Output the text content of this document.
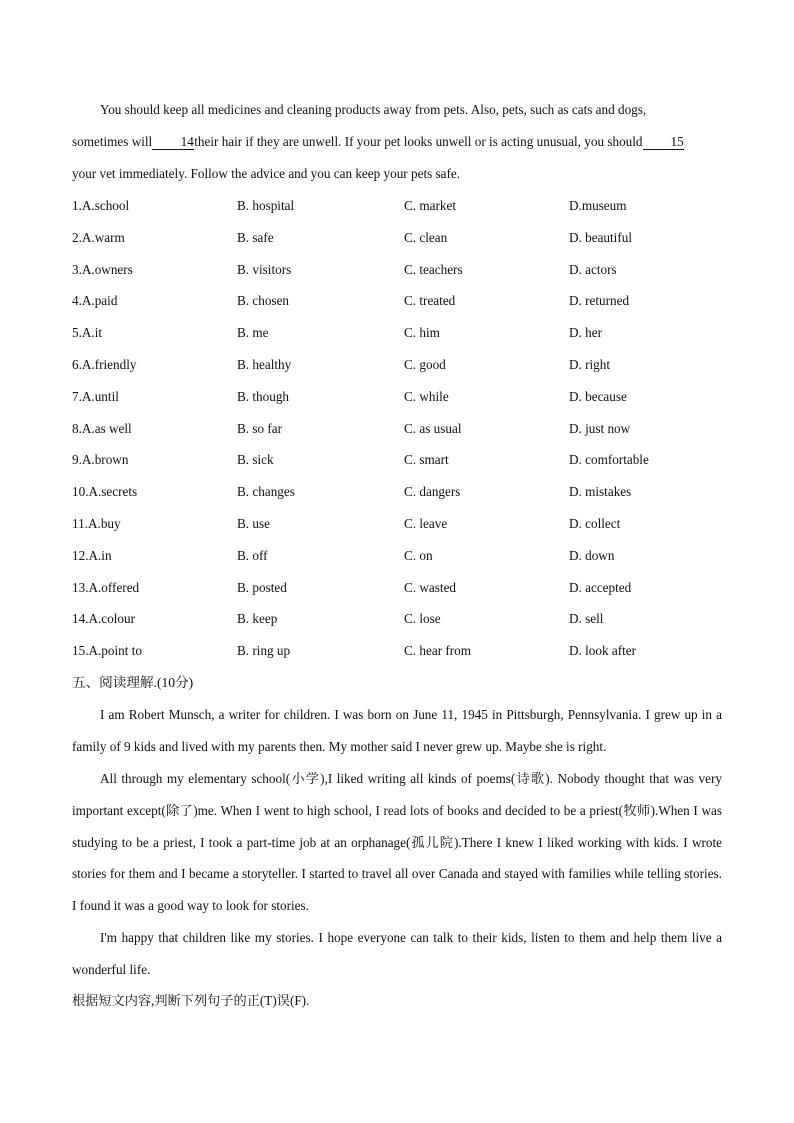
You should keep all medicines and cleaning products away from pets. Also, pets, such as cats and dogs,
sometimes will 14their hair if they are unwell. If your pet looks unwell or is acting unusual, you should 15
your vet immediately. Follow the advice and you can keep your pets safe.

1.A.school	B. hospital	C. market	D.museum
2.A.warm	B. safe	C. clean	D. beautiful
3.A.owners	B. visitors	C. teachers	D. actors
4.A.paid	B. chosen	C. treated	D. returned
5.A.it	B. me	C. him	D. her
6.A.friendly	B. healthy	C. good	D. right
7.A.until	B. though	C. while	D. because
8.A.as well	B. so far	C. as usual	D. just now
9.A.brown	B. sick	C. smart	D. comfortable
10.A.secrets	B. changes	C. dangers	D. mistakes
11.A.buy	B. use	C. leave	D. collect
12.A.in	B. off	C. on	D. down
13.A.offered	B. posted	C. wasted	D. accepted
14.A.colour	B. keep	C. lose	D. sell
15.A.point to	B. ring up	C. hear from	D. look after
五、阅读理解.(10分)

I am Robert Munsch, a writer for children. I was born on June 11, 1945 in Pittsburgh, Pennsylvania. I grew up in a family of 9 kids and lived with my parents then. My mother said I never grew up. Maybe she is right.

All through my elementary school(小学),I liked writing all kinds of poems(诗歌). Nobody thought that was very important except(除了)me. When I went to high school, I read lots of books and decided to be a priest(牧师).When I was studying to be a priest, I took a part-time job at an orphanage(孤儿院).There I knew I liked working with kids. I wrote stories for them and I became a storyteller. I started to travel all over Canada and stayed with families while telling stories. I found it was a good way to look for stories.

I'm happy that children like my stories. I hope everyone can talk to their kids, listen to them and help them live a wonderful life.

根据短文内容,判断下列句子的正(T)误(F).
